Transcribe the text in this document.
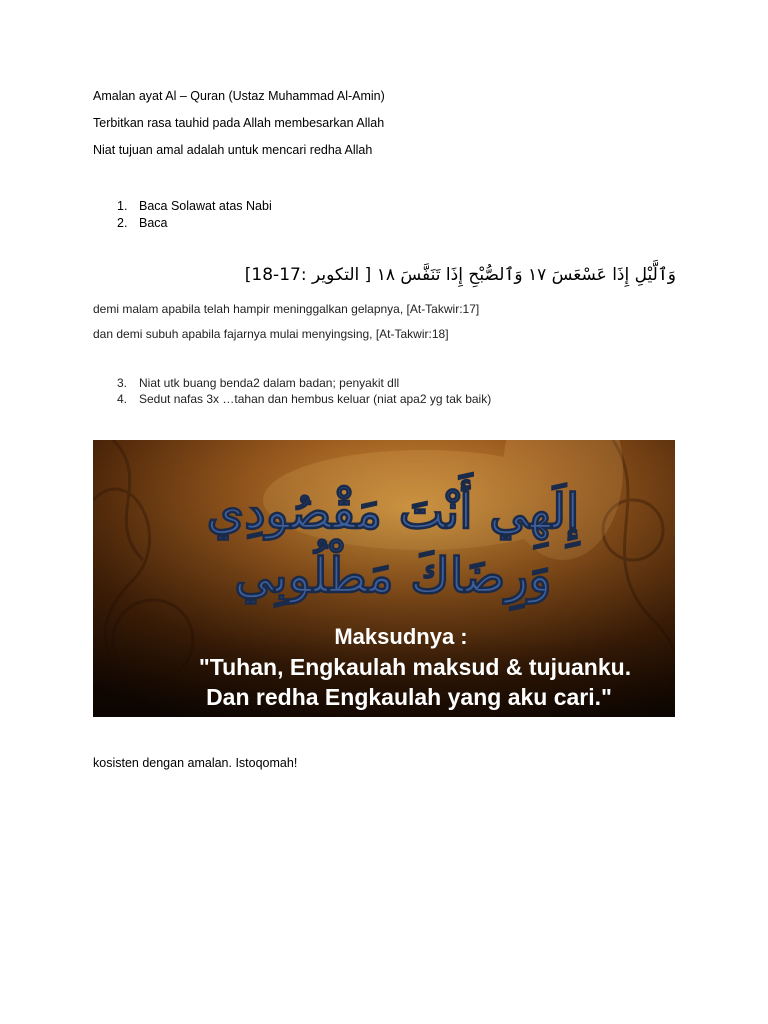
Amalan ayat Al – Quran (Ustaz Muhammad Al-Amin)
Terbitkan rasa tauhid pada Allah membesarkan Allah
Niat tujuan amal adalah untuk mencari redha Allah
1. Baca Solawat atas Nabi
2. Baca
وَٱلَّيْلِ إِذَا عَسْعَسَ ١٧ وَٱلصُّبْحِ إِذَا تَنَفَّسَ ١٨ [ التكوير :17-18]
demi malam apabila telah hampir meninggalkan gelapnya, [At-Takwir:17]
dan demi subuh apabila fajarnya mulai menyingsing, [At-Takwir:18]
3. Niat utk buang benda2 dalam badan; penyakit dll
4. Sedut nafas 3x …tahan dan hembus keluar (niat apa2 yg tak baik)
إِلَهِي أَنْتَ مَقْصُودِي
وَرِضَاكَ مَطْلُوبِي
Maksudnya :
"Tuhan, Engkaulah maksud & tujuanku.
Dan redha Engkaulah yang aku cari."
kosisten dengan amalan. Istoqomah!
